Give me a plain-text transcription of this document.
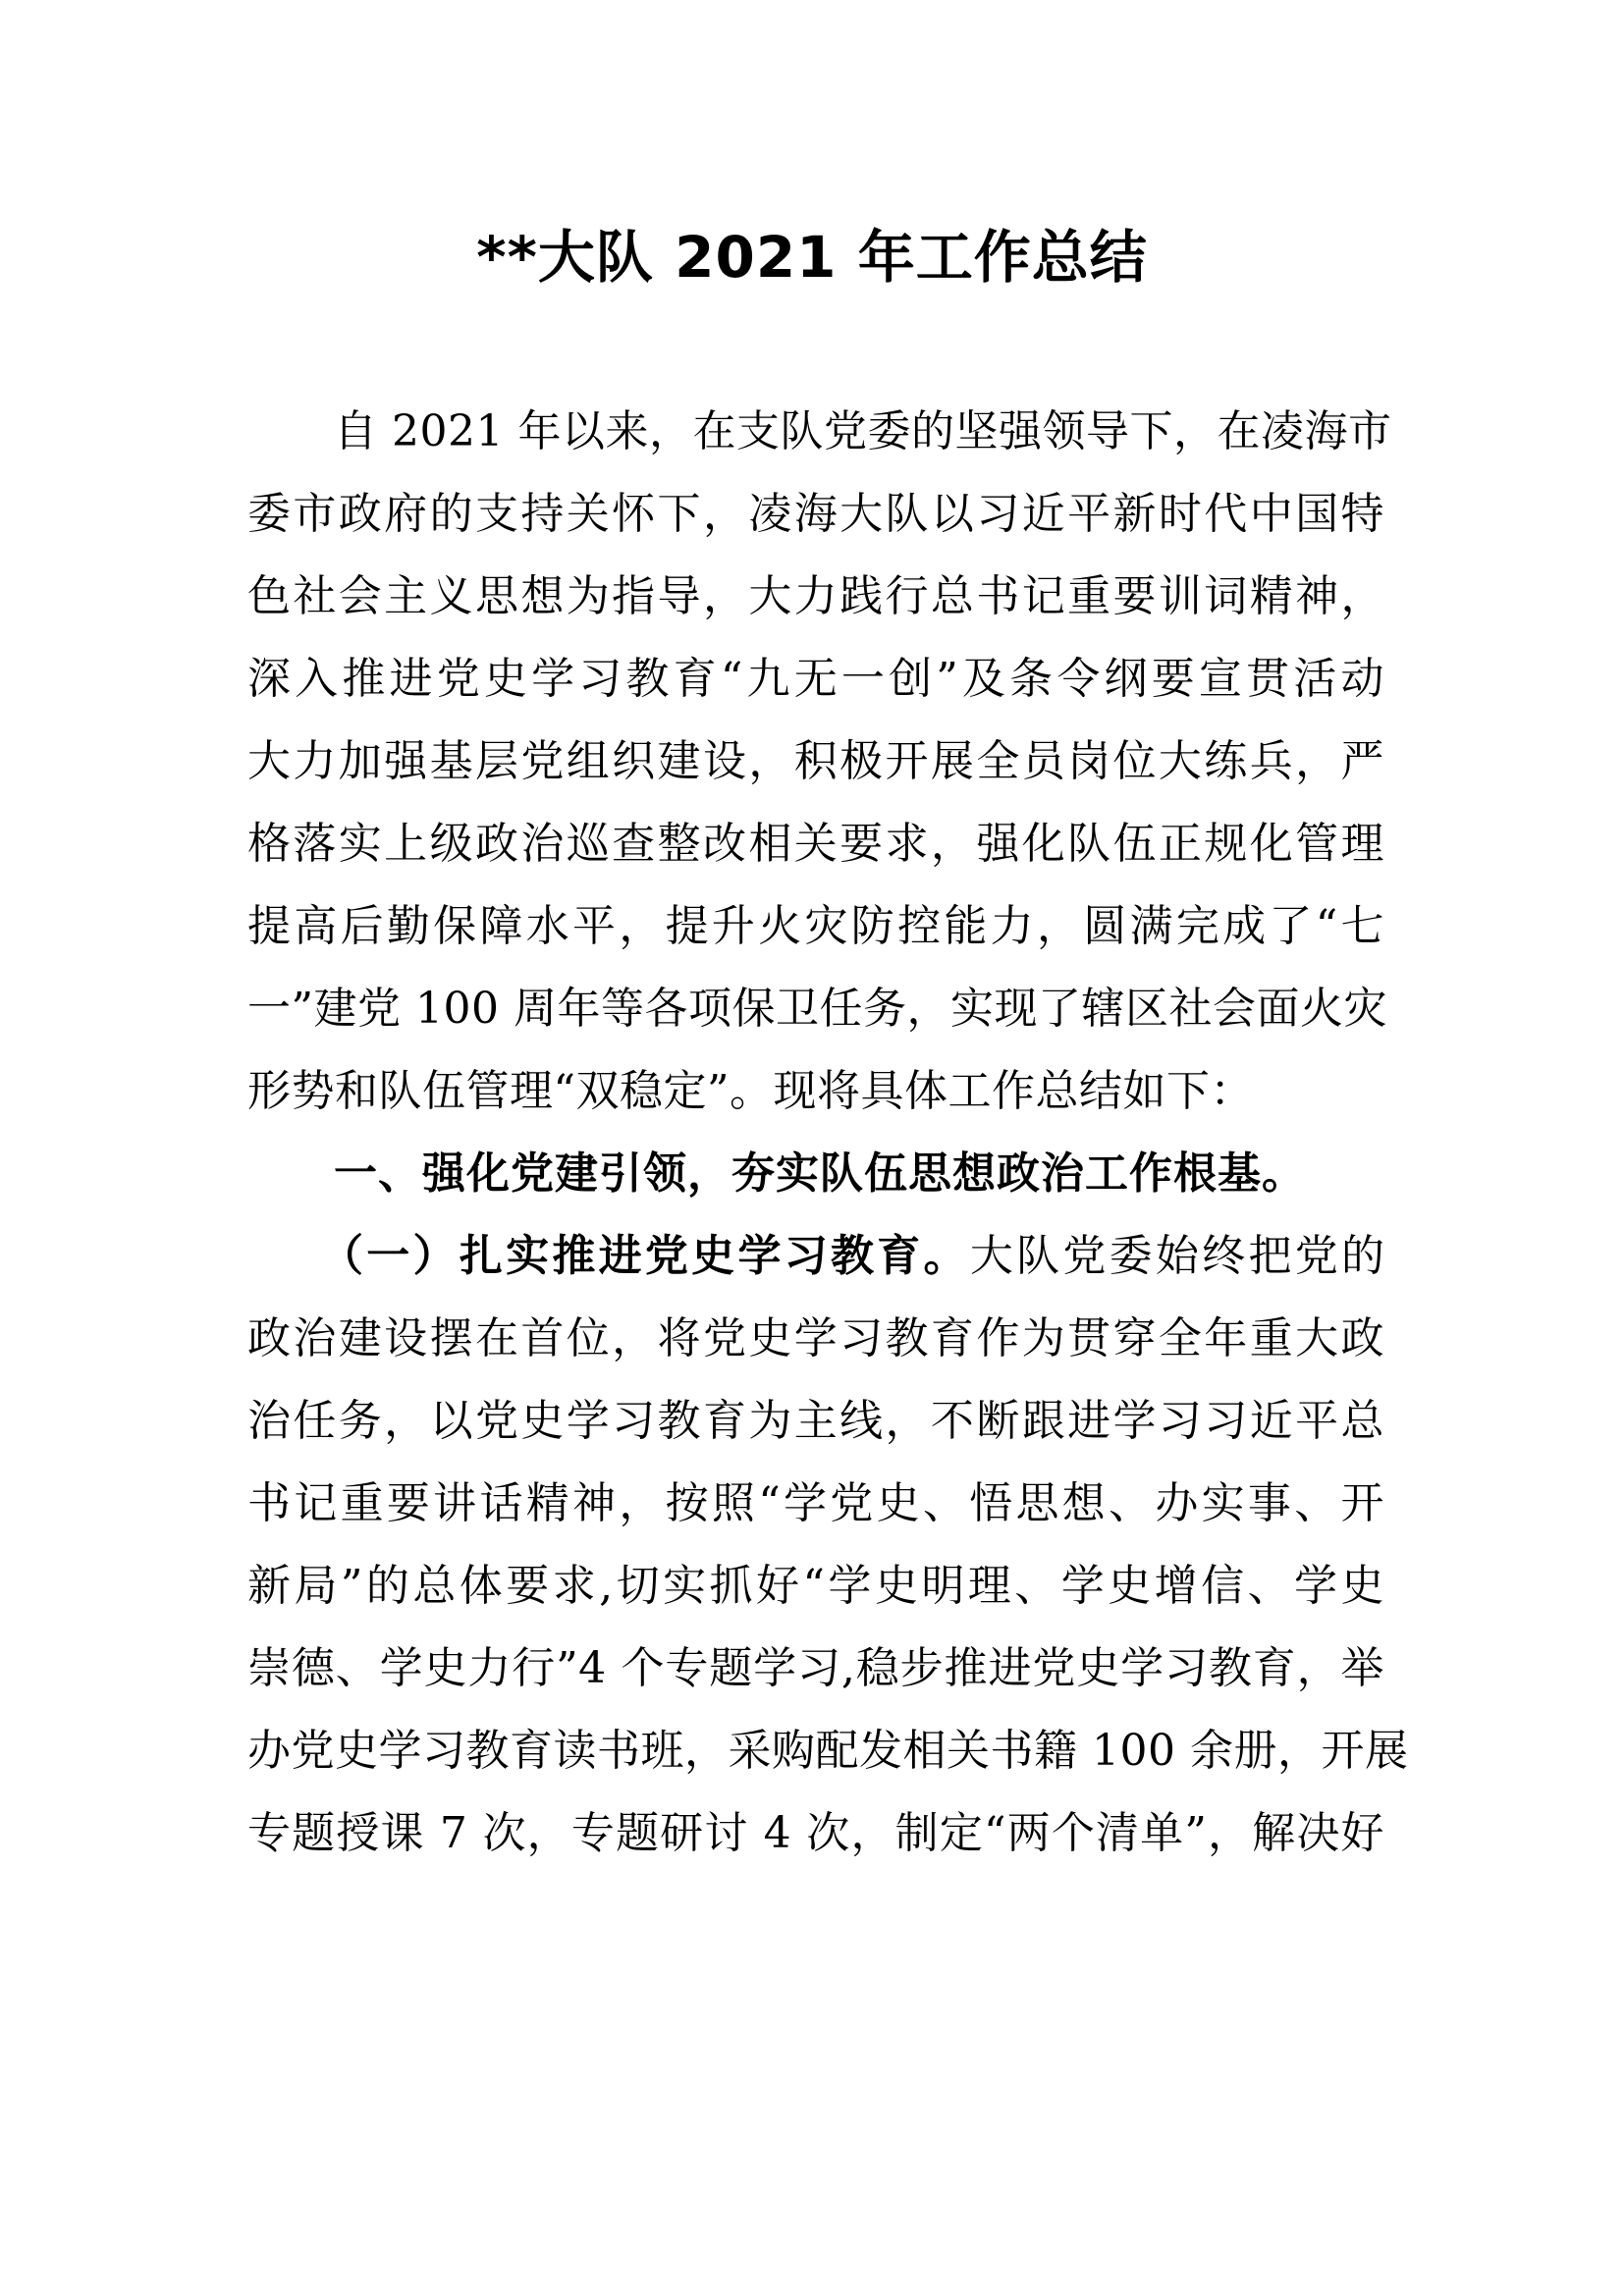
**大队 2021 年工作总结
自 2021 年以来，在支队党委的坚强领导下，在凌海市
委市政府的支持关怀下，凌海大队以习近平新时代中国特
色社会主义思想为指导，大力践行总书记重要训词精神，
深入推进党史学习教育“九无一创”及条令纲要宣贯活动
大力加强基层党组织建设，积极开展全员岗位大练兵，严
格落实上级政治巡查整改相关要求，强化队伍正规化管理
提高后勤保障水平，提升火灾防控能力，圆满完成了“七
一”建党 100 周年等各项保卫任务，实现了辖区社会面火灾
形势和队伍管理“双稳定”。现将具体工作总结如下：
一、强化党建引领，夯实队伍思想政治工作根基。
（一）扎实推进党史学习教育。大队党委始终把党的
政治建设摆在首位，将党史学习教育作为贯穿全年重大政
治任务，以党史学习教育为主线，不断跟进学习习近平总
书记重要讲话精神，按照“学党史、悟思想、办实事、开
新局”的总体要求,切实抓好“学史明理、学史增信、学史
崇德、学史力行”4 个专题学习,稳步推进党史学习教育，举
办党史学习教育读书班，采购配发相关书籍 100 余册，开展
专题授课 7 次，专题研讨 4 次，制定“两个清单”，解决好
